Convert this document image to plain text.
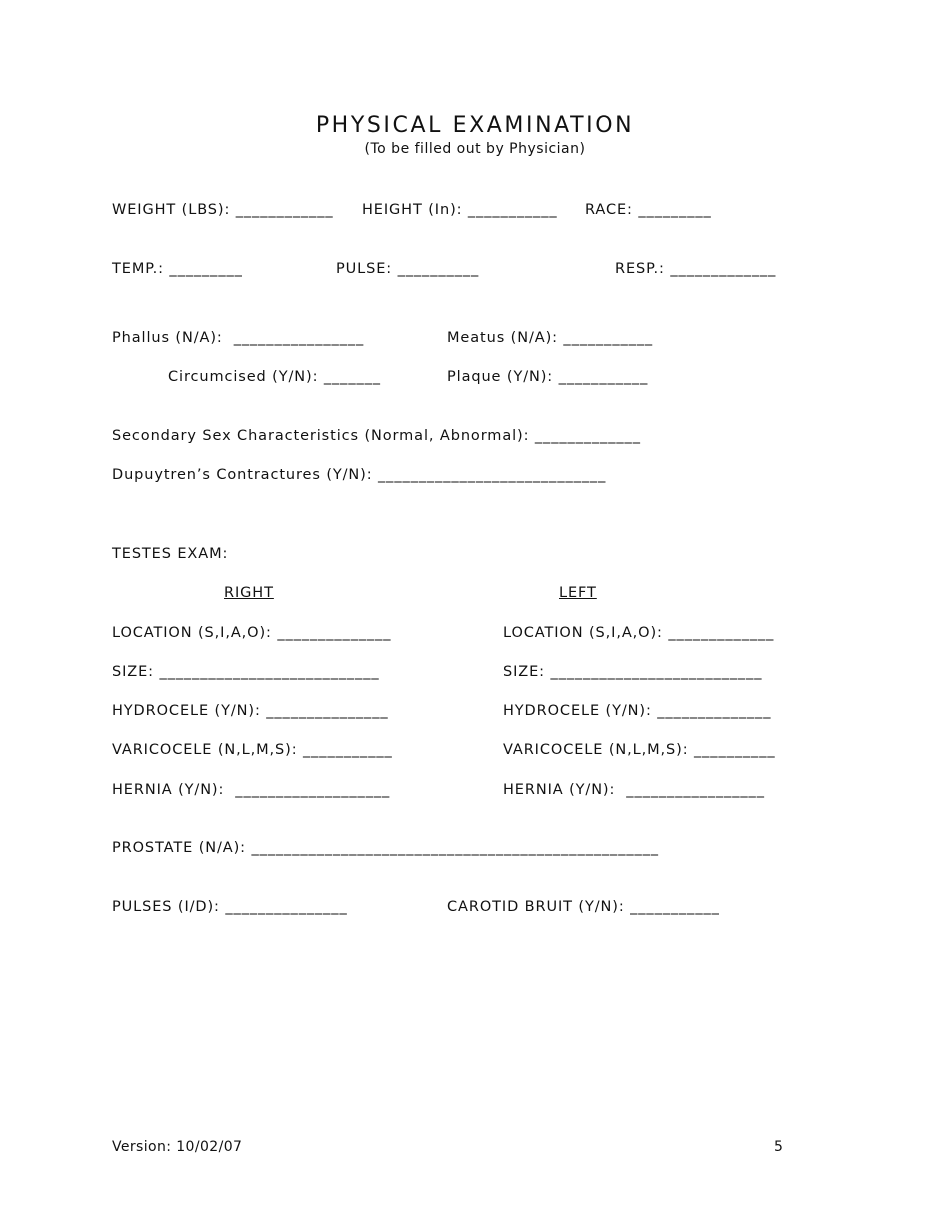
PHYSICAL EXAMINATION
(To be filled out by Physician)
WEIGHT (LBS): ____________ HEIGHT (In): ___________ RACE: _________
TEMP.: _________	PULSE: __________	RESP.: _____________
Phallus (N/A):  ________________	Meatus (N/A): ___________
Circumcised (Y/N): _______	Plaque (Y/N): ___________
Secondary Sex Characteristics (Normal, Abnormal): _____________
Dupuytren’s Contractures (Y/N): ____________________________
TESTES EXAM:
RIGHT	LEFT
LOCATION (S,I,A,O): ______________	LOCATION (S,I,A,O): _____________
SIZE: ___________________________	SIZE: __________________________
HYDROCELE (Y/N): _______________	HYDROCELE (Y/N): ______________
VARICOCELE (N,L,M,S): ___________	VARICOCELE (N,L,M,S): __________
HERNIA (Y/N):  ___________________	HERNIA (Y/N):  _________________
PROSTATE (N/A): __________________________________________________
PULSES (I/D): _______________	CAROTID BRUIT (Y/N): ___________
Version: 10/02/07	5
